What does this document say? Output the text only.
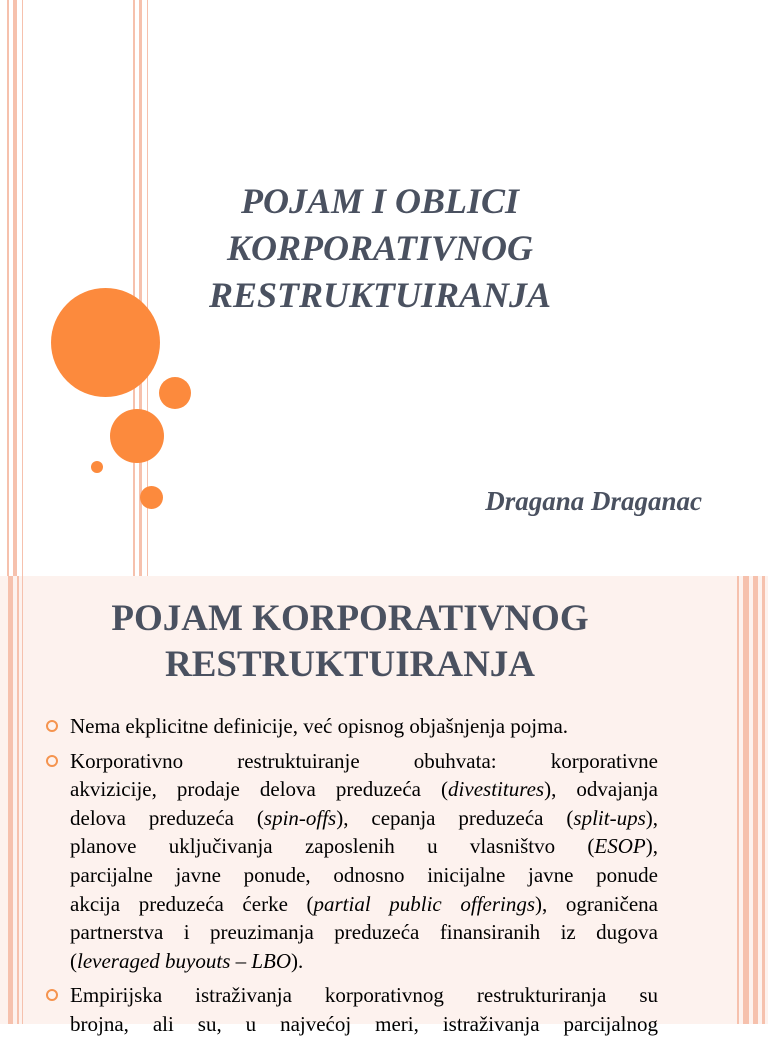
POJAM I OBLICI
KORPORATIVNOG
RESTRUKTUIRANJA

Dragana Draganac

POJAM KORPORATIVNOG
RESTRUKTUIRANJA
Nema ekplicitne definicije, već opisnog objašnjenja pojma.
Korporativno restruktuiranje obuhvata: korporativne
akvizicije, prodaje delova preduzeća (divestitures), odvajanja
delova preduzeća (spin-offs), cepanja preduzeća (split-ups),
planove uključivanja zaposlenih u vlasništvo (ESOP),
parcijalne javne ponude, odnosno inicijalne javne ponude
akcija preduzeća ćerke (partial public offerings), ograničena
partnerstva i preuzimanja preduzeća finansiranih iz dugova
(leveraged buyouts – LBO).
Empirijska istraživanja korporativnog restrukturiranja su
brojna, ali su, u najvećoj meri, istraživanja parcijalnog
